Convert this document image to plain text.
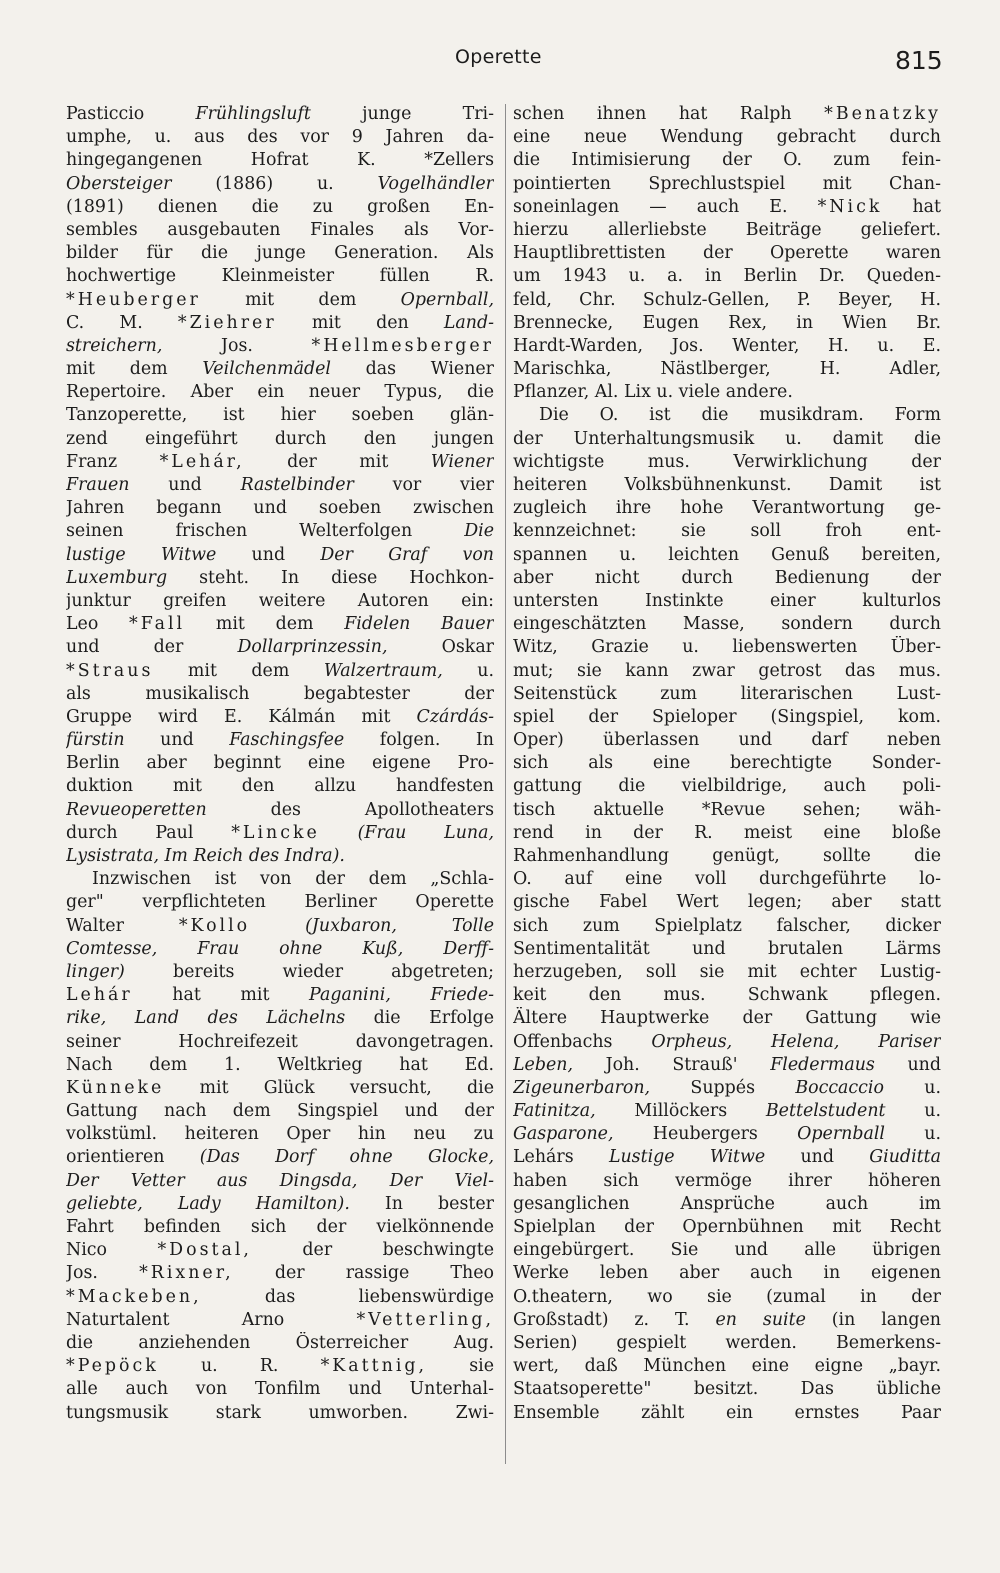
Operette	815
Pasticcio Frühlingsluft junge Tri-
umphe, u. aus des vor 9 Jahren da-
hingegangenen Hofrat K. *Zellers
Obersteiger (1886) u. Vogelhändler
(1891) dienen die zu großen En-
sembles ausgebauten Finales als Vor-
bilder für die junge Generation. Als
hochwertige Kleinmeister füllen R.
*Heuberger mit dem Opernball,
C. M. *Ziehrer mit den Land-
streichern, Jos. *Hellmesberger
mit dem Veilchenmädel das Wiener
Repertoire. Aber ein neuer Typus, die
Tanzoperette, ist hier soeben glän-
zend eingeführt durch den jungen
Franz *Lehár, der mit Wiener
Frauen und Rastelbinder vor vier
Jahren begann und soeben zwischen
seinen frischen Welterfolgen Die
lustige Witwe und Der Graf von
Luxemburg steht. In diese Hochkon-
junktur greifen weitere Autoren ein:
Leo *Fall mit dem Fidelen Bauer
und der Dollarprinzessin, Oskar
*Straus mit dem Walzertraum, u.
als musikalisch begabtester der
Gruppe wird E. Kálmán mit Czárdás-
fürstin und Faschingsfee folgen. In
Berlin aber beginnt eine eigene Pro-
duktion mit den allzu handfesten
Revueoperetten des Apollotheaters
durch Paul *Lincke (Frau Luna,
Lysistrata, Im Reich des Indra).
Inzwischen ist von der dem „Schla-
ger" verpflichteten Berliner Operette
Walter *Kollo	(Juxbaron, Tolle
Comtesse, Frau ohne Kuß, Derff-
linger) bereits wieder abgetreten;
Lehár hat mit Paganini, Friede-
rike, Land des Lächelns die Erfolge
seiner Hochreifezeit davongetragen.
Nach dem 1. Weltkrieg hat Ed.
Künneke mit Glück versucht, die
Gattung nach dem Singspiel und der
volkstüml. heiteren Oper hin neu zu
orientieren (Das Dorf ohne Glocke,
Der Vetter aus Dingsda, Der Viel-
geliebte, Lady Hamilton). In bester
Fahrt befinden sich der vielkönnende
Nico *Dostal, der beschwingte
Jos. *Rixner, der rassige Theo
*Mackeben, das liebenswürdige
Naturtalent Arno *Vetterling,
die anziehenden Österreicher Aug.
*Pepöck u. R. *Kattnig, sie
alle auch von Tonfilm und Unterhal-
tungsmusik stark umworben. Zwi-
schen ihnen hat Ralph *Benatzky
eine neue Wendung gebracht durch
die Intimisierung der O. zum fein-
pointierten Sprechlustspiel mit Chan-
soneinlagen — auch E. *Nick hat
hierzu allerliebste Beiträge geliefert.
Hauptlibrettisten der Operette waren
um 1943 u. a. in Berlin Dr. Queden-
feld, Chr. Schulz-Gellen, P. Beyer, H.
Brennecke, Eugen Rex, in Wien Br.
Hardt-Warden, Jos. Wenter, H. u. E.
Marischka, Nästlberger, H. Adler,
Pflanzer, Al. Lix u. viele andere.
Die O. ist die musikdram. Form
der Unterhaltungsmusik u. damit die
wichtigste mus. Verwirklichung der
heiteren Volksbühnenkunst. Damit ist
zugleich ihre hohe Verantwortung ge-
kennzeichnet: sie soll froh ent-
spannen u. leichten Genuß bereiten,
aber nicht durch Bedienung der
untersten Instinkte einer kulturlos
eingeschätzten Masse, sondern durch
Witz, Grazie u. liebenswerten Über-
mut; sie kann zwar getrost das mus.
Seitenstück zum literarischen Lust-
spiel der Spieloper (Singspiel, kom.
Oper) überlassen und darf neben
sich als eine berechtigte Sonder-
gattung die vielbildrige, auch poli-
tisch aktuelle *Revue sehen; wäh-
rend in der R. meist eine bloße
Rahmenhandlung genügt, sollte die
O. auf eine voll durchgeführte lo-
gische Fabel Wert legen; aber statt
sich zum Spielplatz falscher, dicker
Sentimentalität und brutalen Lärms
herzugeben, soll sie mit echter Lustig-
keit den mus. Schwank pflegen.
Ältere Hauptwerke der Gattung wie
Offenbachs Orpheus, Helena, Pariser
Leben, Joh. Strauß' Fledermaus und
Zigeunerbaron, Suppés Boccaccio u.
Fatinitza, Millöckers Bettelstudent u.
Gasparone, Heubergers Opernball u.
Lehárs Lustige Witwe und Giuditta
haben sich vermöge ihrer höheren
gesanglichen Ansprüche auch im
Spielplan der Opernbühnen mit Recht
eingebürgert. Sie und alle übrigen
Werke leben aber auch in eigenen
O.theatern, wo sie (zumal in der
Großstadt) z. T. en suite (in langen
Serien) gespielt werden. Bemerkens-
wert, daß München eine eigne „bayr.
Staatsoperette" besitzt. Das übliche
Ensemble zählt ein ernstes Paar
